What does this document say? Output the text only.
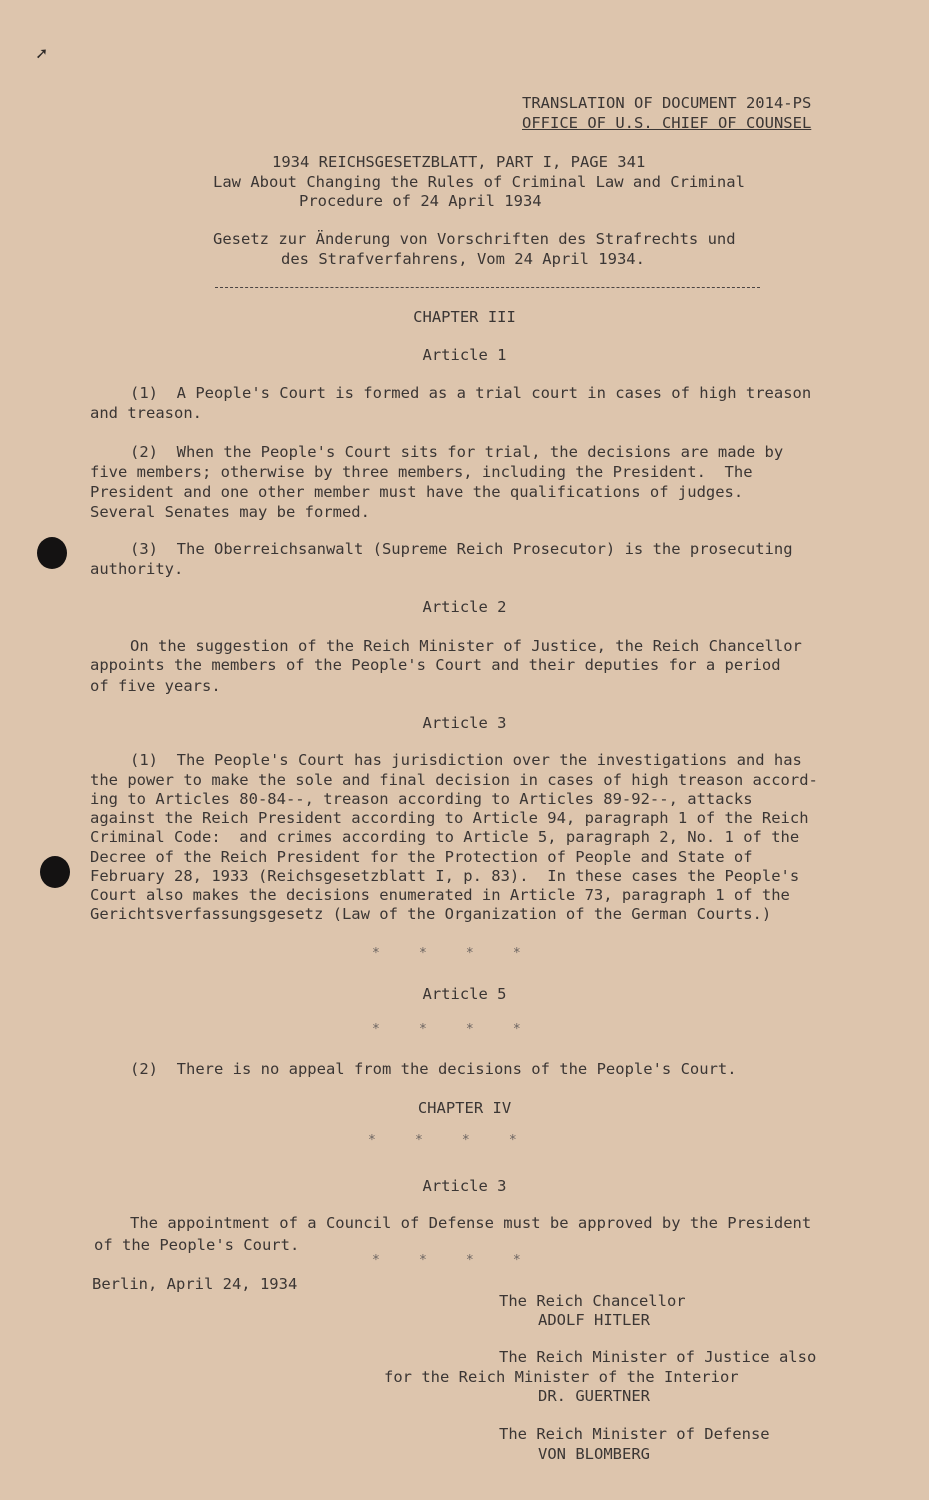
➚
TRANSLATION OF DOCUMENT 2014-PS
OFFICE OF U.S. CHIEF OF COUNSEL
1934 REICHSGESETZBLATT, PART I, PAGE 341
Law About Changing the Rules of Criminal Law and Criminal
Procedure of 24 April 1934
Gesetz zur Änderung von Vorschriften des Strafrechts und
des Strafverfahrens, Vom 24 April 1934.
CHAPTER III
Article 1
(1)  A People's Court is formed as a trial court in cases of high treason
and treason.
(2)  When the People's Court sits for trial, the decisions are made by
five members; otherwise by three members, including the President.  The
President and one other member must have the qualifications of judges.
Several Senates may be formed.
(3)  The Oberreichsanwalt (Supreme Reich Prosecutor) is the prosecuting
authority.
Article 2
On the suggestion of the Reich Minister of Justice, the Reich Chancellor
appoints the members of the People's Court and their deputies for a period
of five years.
Article 3
(1)  The People's Court has jurisdiction over the investigations and has
the power to make the sole and final decision in cases of high treason accord-
ing to Articles 80-84--, treason according to Articles 89-92--, attacks
against the Reich President according to Article 94, paragraph 1 of the Reich
Criminal Code:  and crimes according to Article 5, paragraph 2, No. 1 of the
Decree of the Reich President for the Protection of People and State of
February 28, 1933 (Reichsgesetzblatt I, p. 83).  In these cases the People's
Court also makes the decisions enumerated in Article 73, paragraph 1 of the
Gerichtsverfassungsgesetz (Law of the Organization of the German Courts.)
*     *     *     *
Article 5
*     *     *     *
(2)  There is no appeal from the decisions of the People's Court.
CHAPTER IV
*     *     *     *
Article 3
The appointment of a Council of Defense must be approved by the President
of the People's Court.
*     *     *     *
Berlin, April 24, 1934
The Reich Chancellor
ADOLF HITLER
The Reich Minister of Justice also
for the Reich Minister of the Interior
DR. GUERTNER
The Reich Minister of Defense
VON BLOMBERG
